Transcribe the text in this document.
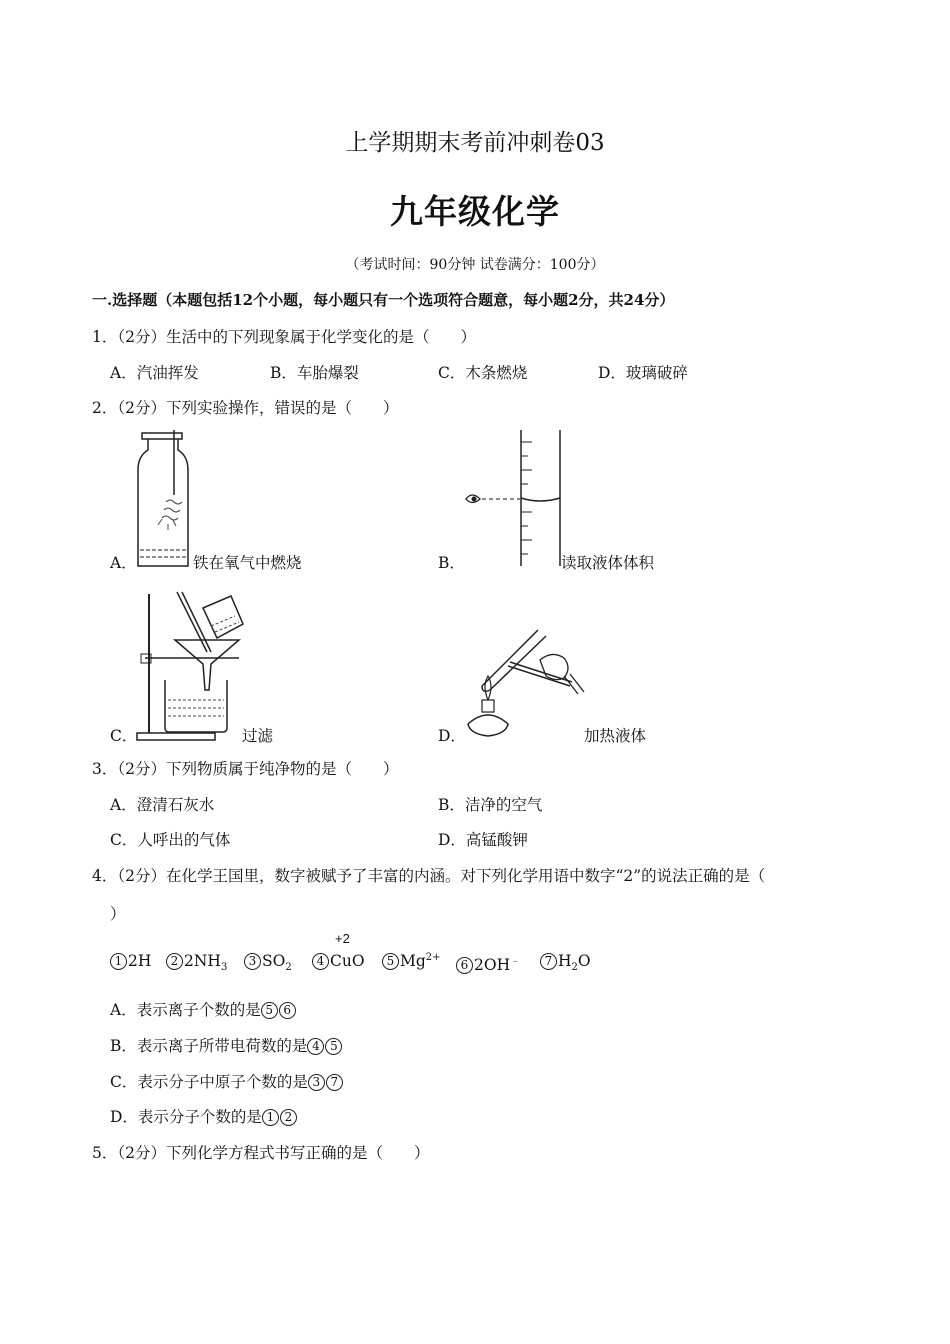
上学期期末考前冲刺卷03
九年级化学
（考试时间：90分钟 试卷满分：100分）
一.选择题（本题包括12个小题，每小题只有一个选项符合题意，每小题2分，共24分）
1．（2分）生活中的下列现象属于化学变化的是（　　）
A．汽油挥发	B．车胎爆裂	C．木条燃烧	D．玻璃破碎
2．（2分）下列实验操作，错误的是（　　）
A．	铁在氧气中燃烧	B．	读取液体体积
C．	过滤	D．	加热液体
3．（2分）下列物质属于纯净物的是（　　）
A．澄清石灰水	B．洁净的空气
C．人呼出的气体	D．高锰酸钾
4．（2分）在化学王国里，数字被赋予了丰富的内涵。对下列化学用语中数字“2”的说法正确的是（
）
1 2H	2 $2NH_3$	3 $SO_2$	4 CuO
+2
5 $Mg^{2+}$
6 2OH﹣	7 $H_2O$
A．表示离子个数的是 5 6
B．表示离子所带电荷数的是 4 5
C．表示分子中原子个数的是 3 7
D．表示分子个数的是 1 2
5．（2分）下列化学方程式书写正确的是（　　）
